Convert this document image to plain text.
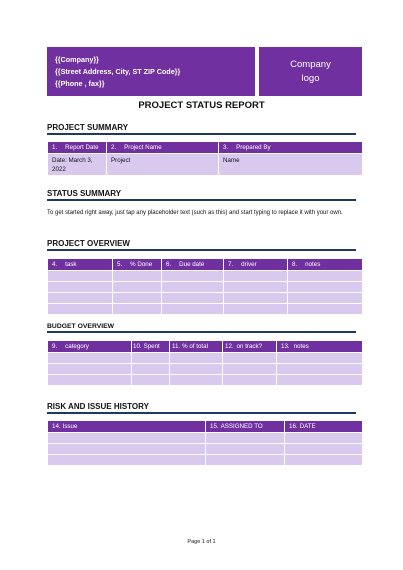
{{Company}}
{{Street Address, City, ST ZIP Code}}
{{Phone , fax}}
Company
logo
PROJECT STATUS REPORT
PROJECT SUMMARY
1. Report Date	2. Project Name	3. Prepared By
Date: March 3, 2022	Project	Name
STATUS SUMMARY
To get started right away, just tap any placeholder text (such as this) and start typing to replace it with your own.
PROJECT OVERVIEW
4. task	5. % Done	6. Due date	7. driver	8. notes

BUDGET OVERVIEW
9. category	10. Spent	11. % of total	12. on track?	13. notes

RISK AND ISSUE HISTORY
14. Issue	15. ASSIGNED TO	16. DATE

Page 1 of 1
